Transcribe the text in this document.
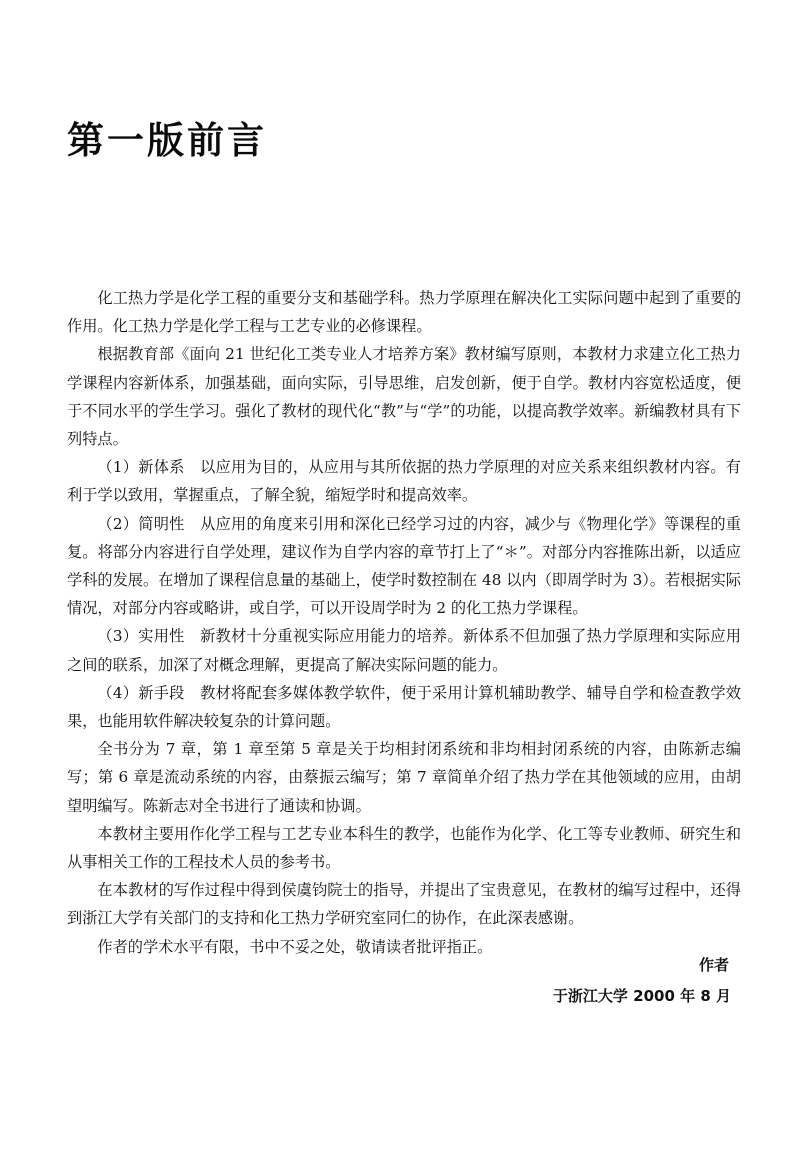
第一版前言

化工热力学是化学工程的重要分支和基础学科。热力学原理在解决化工实际问题中起到了重要的作用。化工热力学是化学工程与工艺专业的必修课程。

根据教育部《面向 21 世纪化工类专业人才培养方案》教材编写原则，本教材力求建立化工热力学课程内容新体系，加强基础，面向实际，引导思维，启发创新，便于自学。教材内容宽松适度，便于不同水平的学生学习。强化了教材的现代化“教”与“学”的功能，以提高教学效率。新编教材具有下列特点。

（1）新体系　以应用为目的，从应用与其所依据的热力学原理的对应关系来组织教材内容。有利于学以致用，掌握重点，了解全貌，缩短学时和提高效率。

（2）简明性　从应用的角度来引用和深化已经学习过的内容，减少与《物理化学》等课程的重复。将部分内容进行自学处理，建议作为自学内容的章节打上了“＊”。对部分内容推陈出新，以适应学科的发展。在增加了课程信息量的基础上，使学时数控制在 48 以内（即周学时为 3）。若根据实际情况，对部分内容或略讲，或自学，可以开设周学时为 2 的化工热力学课程。

（3）实用性　新教材十分重视实际应用能力的培养。新体系不但加强了热力学原理和实际应用之间的联系，加深了对概念理解，更提高了解决实际问题的能力。

（4）新手段　教材将配套多媒体教学软件，便于采用计算机辅助教学、辅导自学和检查教学效果，也能用软件解决较复杂的计算问题。

全书分为 7 章，第 1 章至第 5 章是关于均相封闭系统和非均相封闭系统的内容，由陈新志编写；第 6 章是流动系统的内容，由蔡振云编写；第 7 章简单介绍了热力学在其他领域的应用，由胡望明编写。陈新志对全书进行了通读和协调。

本教材主要用作化学工程与工艺专业本科生的教学，也能作为化学、化工等专业教师、研究生和从事相关工作的工程技术人员的参考书。

在本教材的写作过程中得到侯虞钧院士的指导，并提出了宝贵意见，在教材的编写过程中，还得到浙江大学有关部门的支持和化工热力学研究室同仁的协作，在此深表感谢。

作者的学术水平有限，书中不妥之处，敬请读者批评指正。

作者
于浙江大学 2000 年 8 月
